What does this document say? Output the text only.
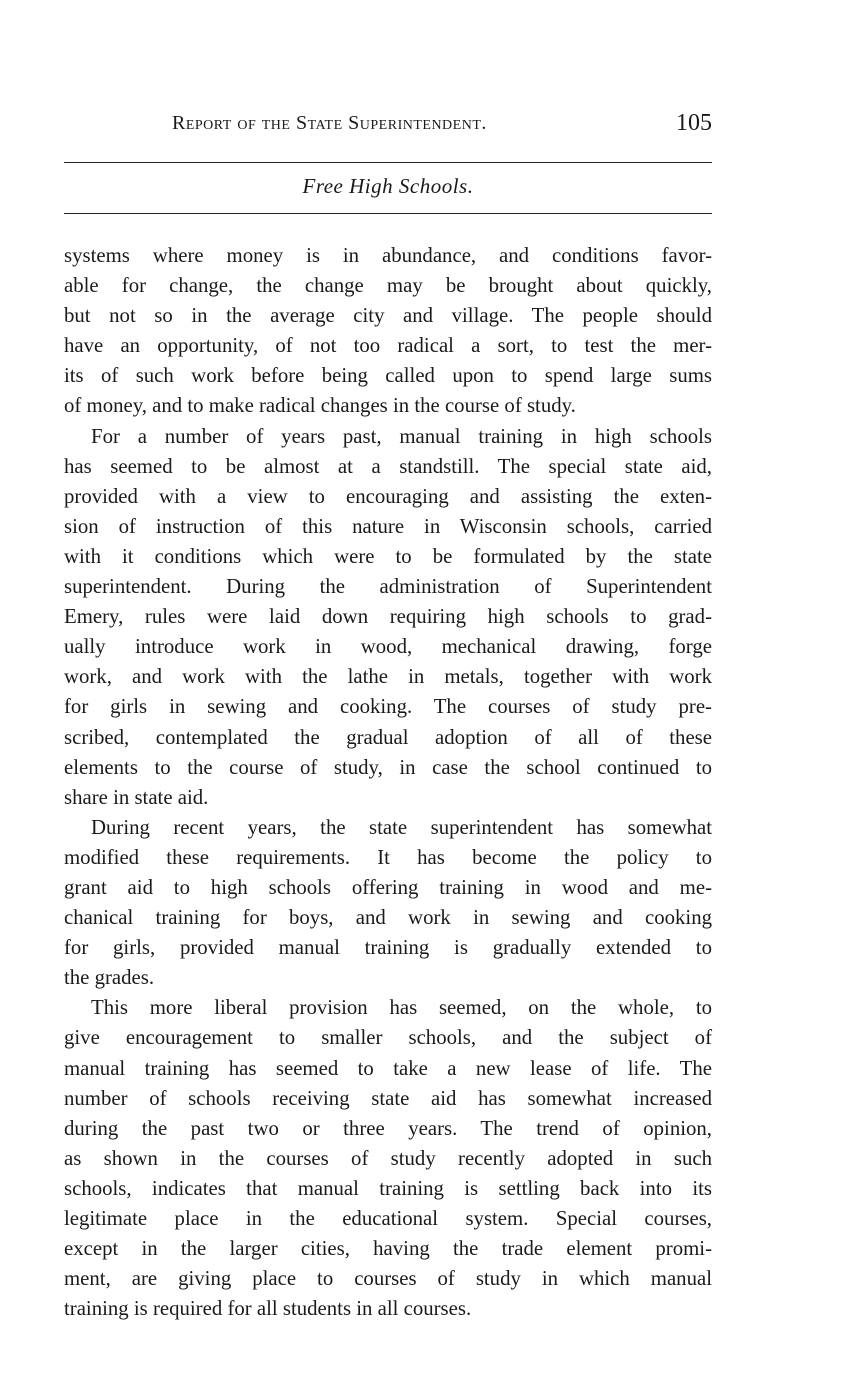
Report of the State Superintendent.	105
Free High Schools.
systems where money is in abundance, and conditions favor-
able for change, the change may be brought about quickly,
but not so in the average city and village. The people should
have an opportunity, of not too radical a sort, to test the mer-
its of such work before being called upon to spend large sums
of money, and to make radical changes in the course of study.
For a number of years past, manual training in high schools
has seemed to be almost at a standstill. The special state aid,
provided with a view to encouraging and assisting the exten-
sion of instruction of this nature in Wisconsin schools, carried
with it conditions which were to be formulated by the state
superintendent. During the administration of Superintendent
Emery, rules were laid down requiring high schools to grad-
ually introduce work in wood, mechanical drawing, forge
work, and work with the lathe in metals, together with work
for girls in sewing and cooking. The courses of study pre-
scribed, contemplated the gradual adoption of all of these
elements to the course of study, in case the school continued to
share in state aid.
During recent years, the state superintendent has somewhat
modified these requirements. It has become the policy to
grant aid to high schools offering training in wood and me-
chanical training for boys, and work in sewing and cooking
for girls, provided manual training is gradually extended to
the grades.
This more liberal provision has seemed, on the whole, to
give encouragement to smaller schools, and the subject of
manual training has seemed to take a new lease of life. The
number of schools receiving state aid has somewhat increased
during the past two or three years. The trend of opinion,
as shown in the courses of study recently adopted in such
schools, indicates that manual training is settling back into its
legitimate place in the educational system. Special courses,
except in the larger cities, having the trade element promi-
ment, are giving place to courses of study in which manual
training is required for all students in all courses.
